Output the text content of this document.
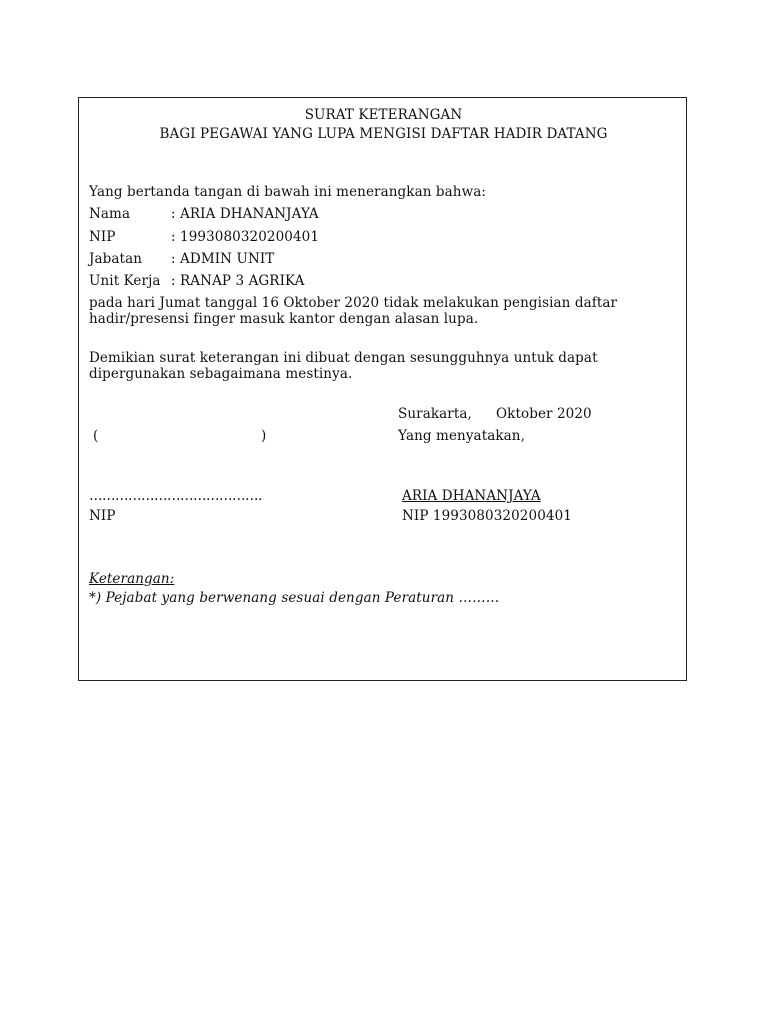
SURAT KETERANGAN
BAGI PEGAWAI YANG LUPA MENGISI DAFTAR HADIR DATANG
Yang bertanda tangan di bawah ini menerangkan bahwa:
Nama	: ARIA DHANANJAYA
NIP	: 1993080320200401
Jabatan : ADMIN UNIT
Unit Kerja : RANAP 3 AGRIKA
pada hari Jumat tanggal 16 Oktober 2020 tidak melakukan pengisian daftar
hadir/presensi finger masuk kantor dengan alasan lupa.
Demikian surat keterangan ini dibuat dengan sesungguhnya untuk dapat
dipergunakan sebagaimana mestinya.
Surakarta, Oktober 2020
(	)	Yang menyatakan,
………………………………….	ARIA DHANANJAYA
NIP	NIP 1993080320200401
Keterangan:
*) Pejabat yang berwenang sesuai dengan Peraturan ………
